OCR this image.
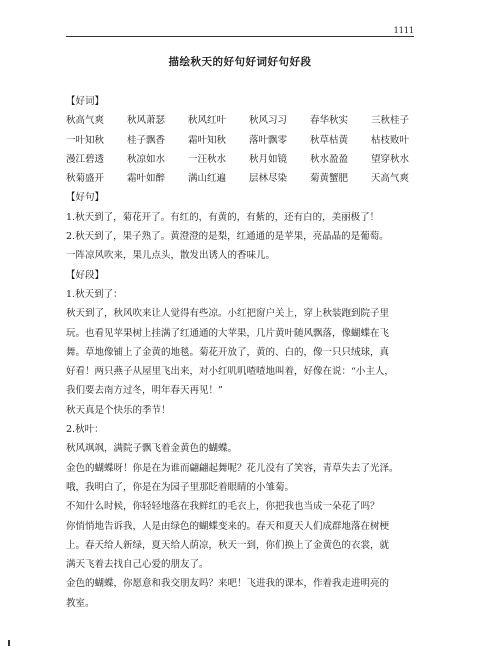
1111
描绘秋天的好句好词好句好段
【好词】
秋高气爽	秋风萧瑟	秋风红叶	秋风习习	春华秋实	三秋桂子
一叶知秋	桂子飘香	霜叶知秋	落叶飘零	秋草枯黄	枯枝败叶
漫江碧透	秋凉如水	一汪秋水	秋月如镜	秋水盈盈	望穿秋水
秋菊盛开	霜叶如醉	满山红遍	层林尽染	菊黄蟹肥	天高气爽
【好句】
1.秋天到了，菊花开了。有红的，有黄的，有紫的，还有白的，美丽极了！
2.秋天到了，果子熟了。黄澄澄的是梨，红通通的是苹果，亮晶晶的是葡萄。
一阵凉风吹来，果儿点头，散发出诱人的香味儿。
【好段】
1.秋天到了：
秋天到了，秋风吹来让人觉得有些凉。小红把窗户关上，穿上秋装跑到院子里
玩。也看见苹果树上挂满了红通通的大苹果，几片黄叶随风飘落，像蝴蝶在飞
舞。草地像铺上了金黄的地毯。菊花开放了，黄的、白的，像一只只绒球，真
好看！两只燕子从屋里飞出来，对小红叽叽喳喳地叫着，好像在说：“小主人，
我们要去南方过冬，明年春天再见！”
秋天真是个快乐的季节！
2.秋叶：
秋风飒飒，满院子飘飞着金黄色的蝴蝶。
金色的蝴蝶呀！你是在为谁而翩翩起舞呢？花儿没有了笑容，青草失去了光泽。
哦，我明白了，你是在为园子里那眨着眼睛的小雏菊。
不知什么时候，你轻轻地落在我鲜红的毛衣上，你把我也当成一朵花了吗？
你悄悄地告诉我，人是由绿色的蝴蝶变来的。春天和夏天人们成群地落在树梗
上。春天给人新绿，夏天给人荫凉，秋天一到，你们换上了金黄色的衣裳，就
满天飞着去找自己心爱的朋友了。
金色的蝴蝶，你愿意和我交朋友吗？来吧！飞进我的课本，作着我走进明亮的
教室。
